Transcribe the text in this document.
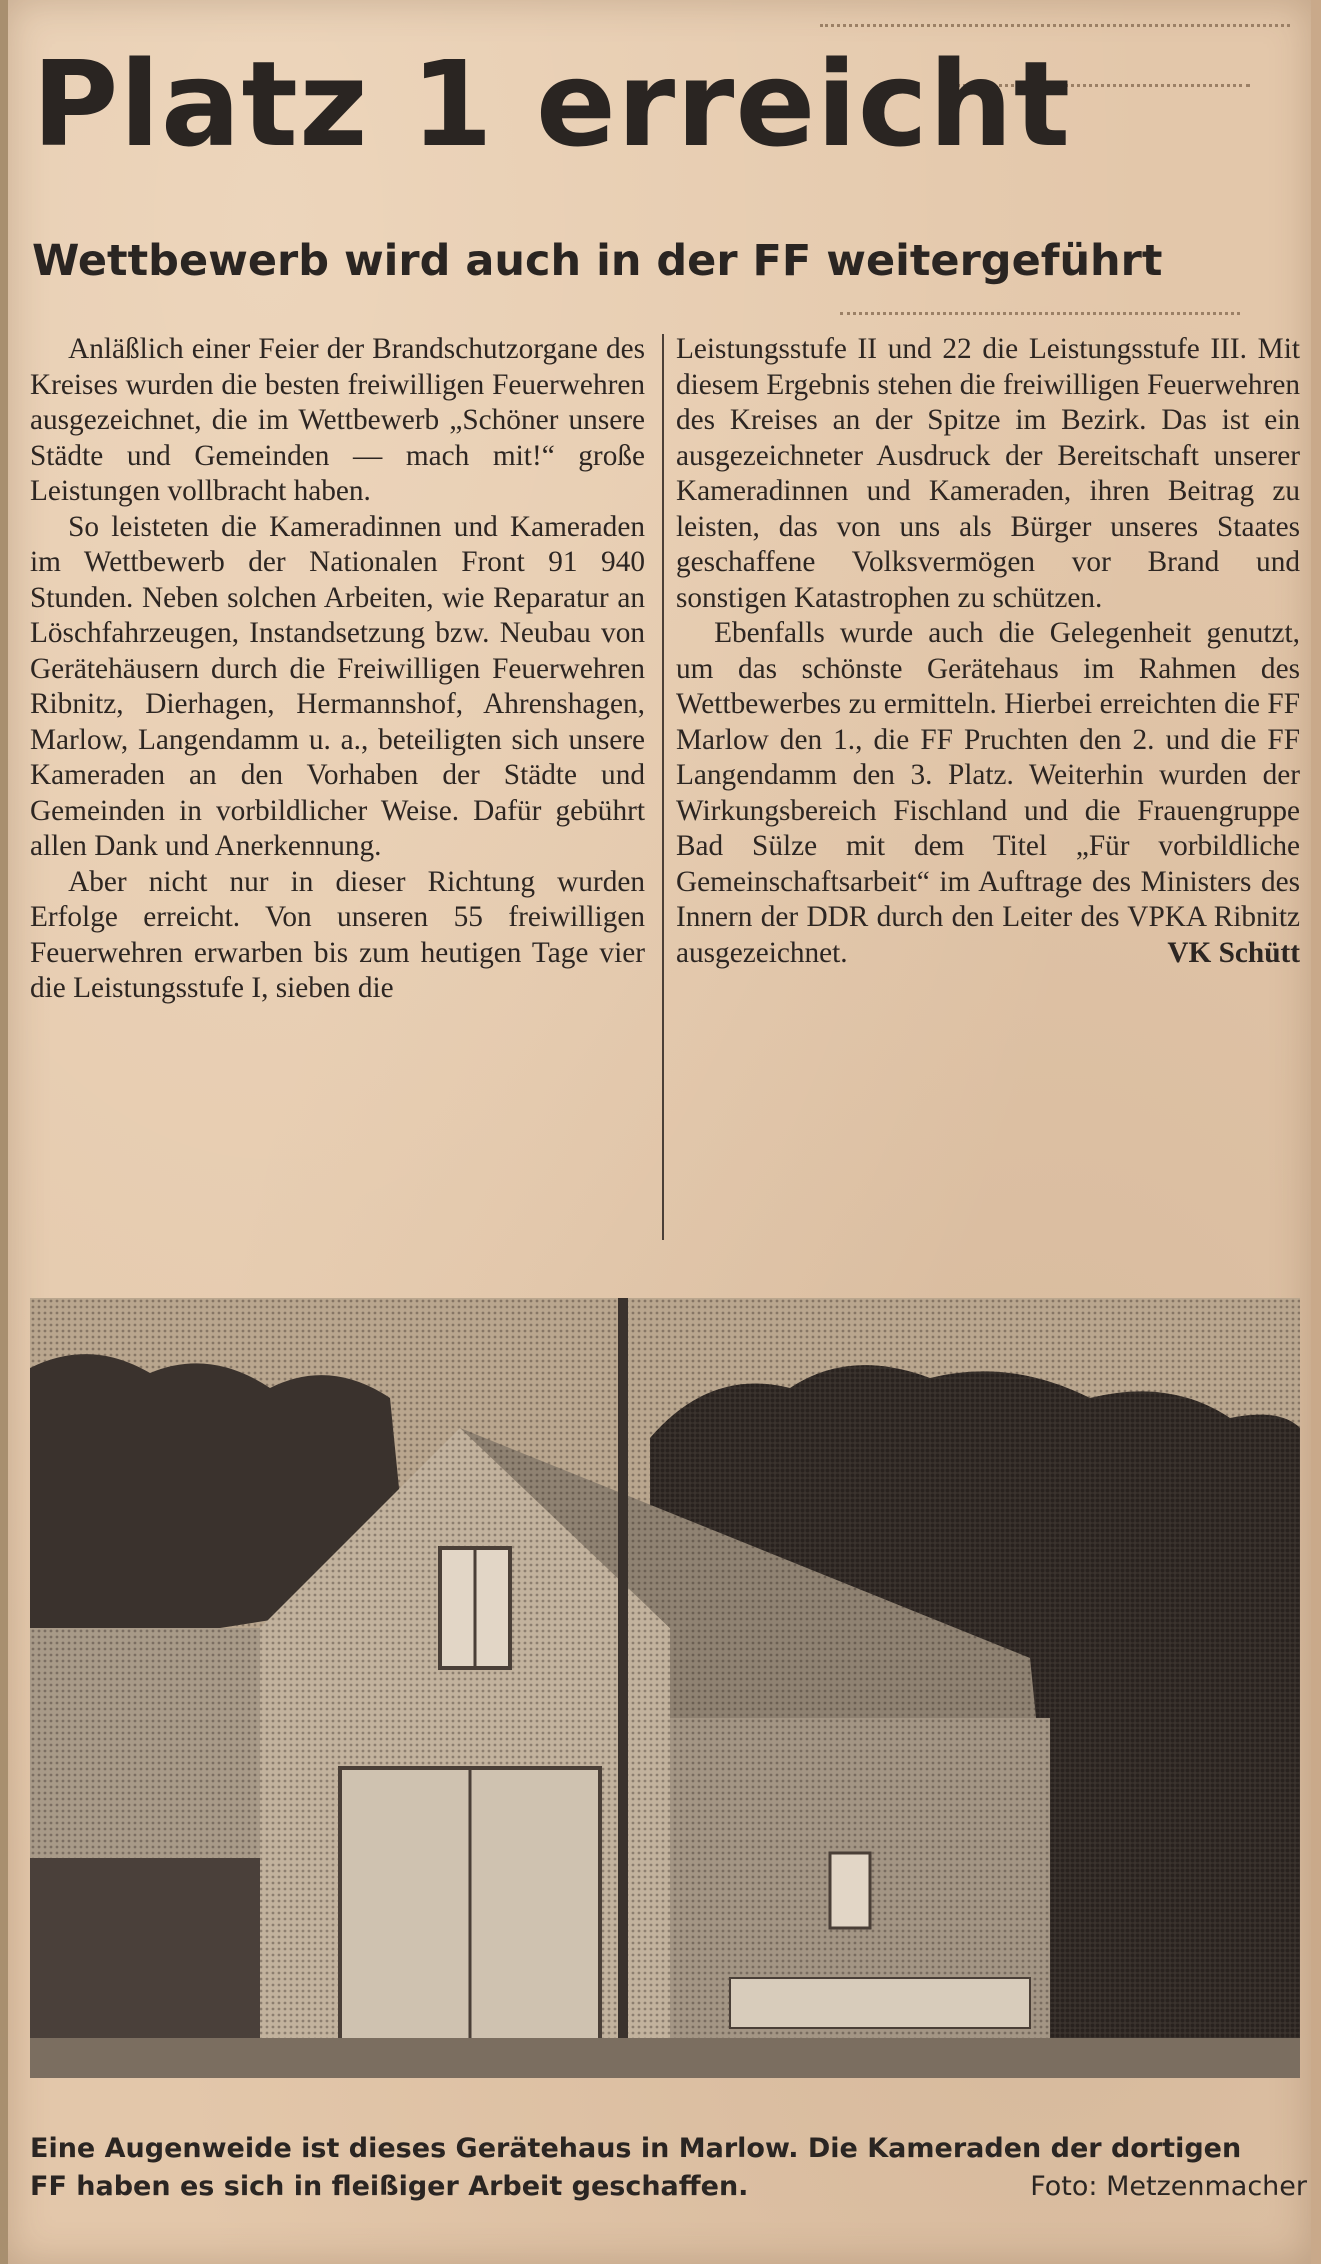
Platz 1 erreicht
Wettbewerb wird auch in der FF weitergeführt

Anläßlich einer Feier der Brandschutzorgane des Kreises wurden die besten freiwilligen Feuerwehren ausgezeichnet, die im Wettbewerb „Schöner unsere Städte und Gemeinden — mach mit!“ große Leistungen vollbracht haben.

So leisteten die Kameradinnen und Kameraden im Wettbewerb der Nationalen Front 91 940 Stunden. Neben solchen Arbeiten, wie Reparatur an Löschfahrzeugen, Instandsetzung bzw. Neubau von Gerätehäusern durch die Freiwilligen Feuerwehren Ribnitz, Dierhagen, Hermannshof, Ahrenshagen, Marlow, Langendamm u. a., beteiligten sich unsere Kameraden an den Vorhaben der Städte und Gemeinden in vorbildlicher Weise. Dafür gebührt allen Dank und Anerkennung.

Aber nicht nur in dieser Richtung wurden Erfolge erreicht. Von unseren 55 freiwilligen Feuerwehren erwarben bis zum heutigen Tage vier die Leistungsstufe I, sieben die

Leistungsstufe II und 22 die Leistungsstufe III. Mit diesem Ergebnis stehen die freiwilligen Feuerwehren des Kreises an der Spitze im Bezirk. Das ist ein ausgezeichneter Ausdruck der Bereitschaft unserer Kameradinnen und Kameraden, ihren Beitrag zu leisten, das von uns als Bürger unseres Staates geschaffene Volksvermögen vor Brand und sonstigen Katastrophen zu schützen.

Ebenfalls wurde auch die Gelegenheit genutzt, um das schönste Gerätehaus im Rahmen des Wettbewerbes zu ermitteln. Hierbei erreichten die FF Marlow den 1., die FF Pruchten den 2. und die FF Langendamm den 3. Platz. Weiterhin wurden der Wirkungsbereich Fischland und die Frauengruppe Bad Sülze mit dem Titel „Für vorbildliche Gemeinschaftsarbeit“ im Auftrage des Ministers des Innern der DDR durch den Leiter des VPKA Ribnitz ausgezeichnet.	VK Schütt

Eine Augenweide ist dieses Gerätehaus in Marlow. Die Kameraden der dortigen
FF haben es sich in fleißiger Arbeit geschaffen.	Foto: Metzenmacher
